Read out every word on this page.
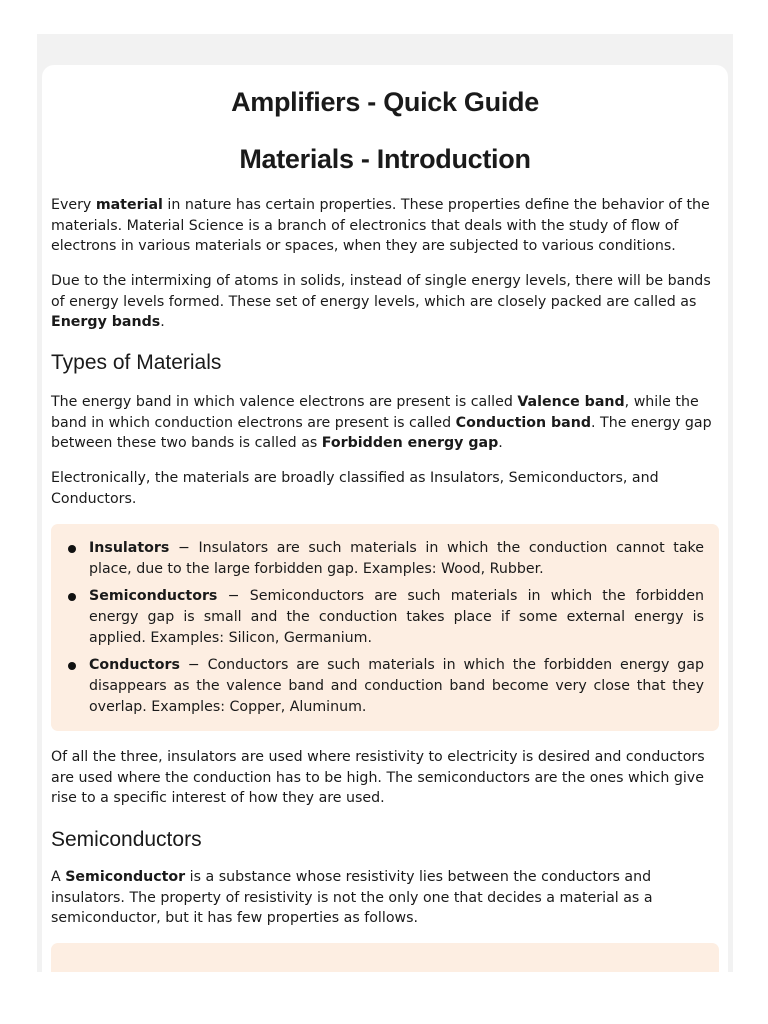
Amplifiers - Quick Guide
Materials - Introduction

Every material in nature has certain properties. These properties define the behavior of the materials. Material Science is a branch of electronics that deals with the study of flow of electrons in various materials or spaces, when they are subjected to various conditions.

Due to the intermixing of atoms in solids, instead of single energy levels, there will be bands of energy levels formed. These set of energy levels, which are closely packed are called as Energy bands.

Types of Materials

The energy band in which valence electrons are present is called Valence band, while the band in which conduction electrons are present is called Conduction band. The energy gap between these two bands is called as Forbidden energy gap.

Electronically, the materials are broadly classified as Insulators, Semiconductors, and Conductors.

Insulators − Insulators are such materials in which the conduction cannot take place, due to the large forbidden gap. Examples: Wood, Rubber.
Semiconductors − Semiconductors are such materials in which the forbidden energy gap is small and the conduction takes place if some external energy is applied. Examples: Silicon, Germanium.
Conductors − Conductors are such materials in which the forbidden energy gap disappears as the valence band and conduction band become very close that they overlap. Examples: Copper, Aluminum.

Of all the three, insulators are used where resistivity to electricity is desired and conductors are used where the conduction has to be high. The semiconductors are the ones which give rise to a specific interest of how they are used.

Semiconductors

A Semiconductor is a substance whose resistivity lies between the conductors and insulators. The property of resistivity is not the only one that decides a material as a semiconductor, but it has few properties as follows.
